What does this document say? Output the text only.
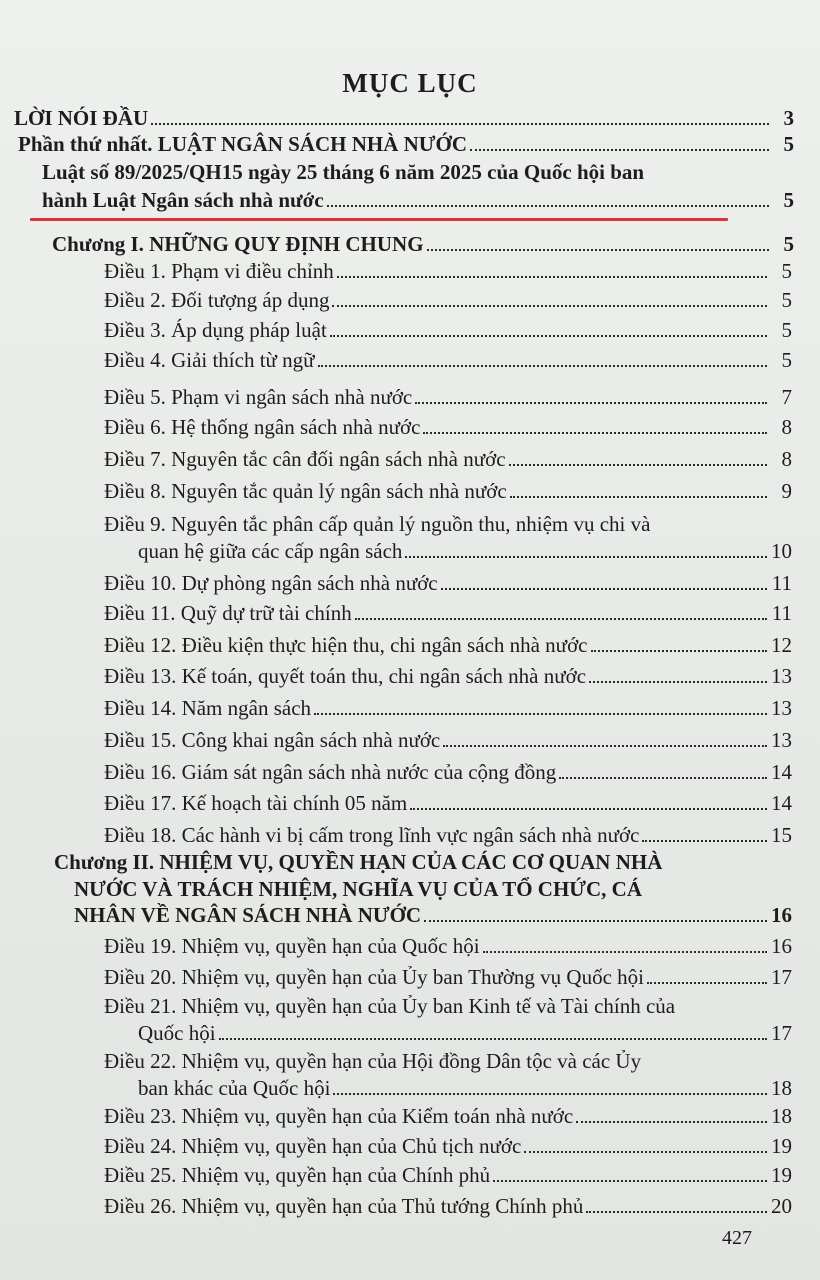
MỤC LỤC
LỜI NÓI ĐẦU	3
Phần thứ nhất. LUẬT NGÂN SÁCH NHÀ NƯỚC	5
Luật số 89/2025/QH15 ngày 25 tháng 6 năm 2025 của Quốc hội ban
hành Luật Ngân sách nhà nước	5
Chương I. NHỮNG QUY ĐỊNH CHUNG	5
Điều 1. Phạm vi điều chỉnh	5
Điều 2. Đối tượng áp dụng	5
Điều 3. Áp dụng pháp luật	5
Điều 4. Giải thích từ ngữ	5
Điều 5. Phạm vi ngân sách nhà nước	7
Điều 6. Hệ thống ngân sách nhà nước	8
Điều 7. Nguyên tắc cân đối ngân sách nhà nước	8
Điều 8. Nguyên tắc quản lý ngân sách nhà nước	9
Điều 9. Nguyên tắc phân cấp quản lý nguồn thu, nhiệm vụ chi và
quan hệ giữa các cấp ngân sách	10
Điều 10. Dự phòng ngân sách nhà nước	11
Điều 11. Quỹ dự trữ tài chính	11
Điều 12. Điều kiện thực hiện thu, chi ngân sách nhà nước	12
Điều 13. Kế toán, quyết toán thu, chi ngân sách nhà nước	13
Điều 14. Năm ngân sách	13
Điều 15. Công khai ngân sách nhà nước	13
Điều 16. Giám sát ngân sách nhà nước của cộng đồng	14
Điều 17. Kế hoạch tài chính 05 năm	14
Điều 18. Các hành vi bị cấm trong lĩnh vực ngân sách nhà nước	15
Chương II. NHIỆM VỤ, QUYỀN HẠN CỦA CÁC CƠ QUAN NHÀ
NƯỚC VÀ TRÁCH NHIỆM, NGHĨA VỤ CỦA TỔ CHỨC, CÁ
NHÂN VỀ NGÂN SÁCH NHÀ NƯỚC	16
Điều 19. Nhiệm vụ, quyền hạn của Quốc hội	16
Điều 20. Nhiệm vụ, quyền hạn của Ủy ban Thường vụ Quốc hội	17
Điều 21. Nhiệm vụ, quyền hạn của Ủy ban Kinh tế và Tài chính của
Quốc hội	17
Điều 22. Nhiệm vụ, quyền hạn của Hội đồng Dân tộc và các Ủy
ban khác của Quốc hội	18
Điều 23. Nhiệm vụ, quyền hạn của Kiểm toán nhà nước	18
Điều 24. Nhiệm vụ, quyền hạn của Chủ tịch nước	19
Điều 25. Nhiệm vụ, quyền hạn của Chính phủ	19
Điều 26. Nhiệm vụ, quyền hạn của Thủ tướng Chính phủ	20
427
